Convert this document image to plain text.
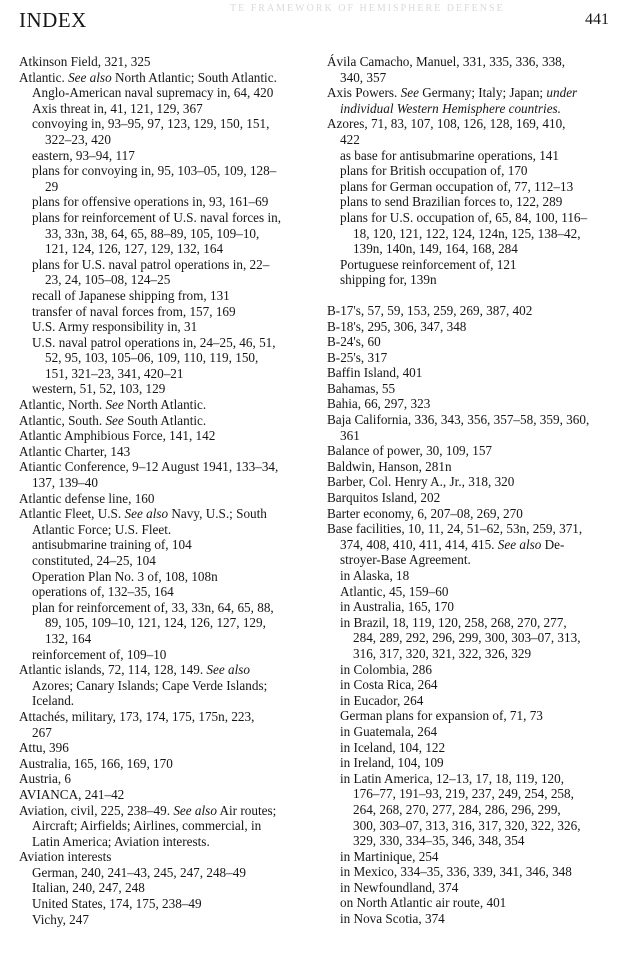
TE FRAMEWORK OF HEMISPHERE DEFENSE
INDEX	441
Atkinson Field, 321, 325
Atlantic. See also North Atlantic; South Atlantic.
Anglo-American naval supremacy in, 64, 420
Axis threat in, 41, 121, 129, 367
convoying in, 93–95, 97, 123, 129, 150, 151,
322–23, 420
eastern, 93–94, 117
plans for convoying in, 95, 103–05, 109, 128–
29
plans for offensive operations in, 93, 161–69
plans for reinforcement of U.S. naval forces in,
33, 33n, 38, 64, 65, 88–89, 105, 109–10,
121, 124, 126, 127, 129, 132, 164
plans for U.S. naval patrol operations in, 22–
23, 24, 105–08, 124–25
recall of Japanese shipping from, 131
transfer of naval forces from, 157, 169
U.S. Army responsibility in, 31
U.S. naval patrol operations in, 24–25, 46, 51,
52, 95, 103, 105–06, 109, 110, 119, 150,
151, 321–23, 341, 420–21
western, 51, 52, 103, 129
Atlantic, North. See North Atlantic.
Atlantic, South. See South Atlantic.
Atlantic Amphibious Force, 141, 142
Atlantic Charter, 143
Atiantic Conference, 9–12 August 1941, 133–34,
137, 139–40
Atlantic defense line, 160
Atlantic Fleet, U.S. See also Navy, U.S.; South
Atlantic Force; U.S. Fleet.
antisubmarine training of, 104
constituted, 24–25, 104
Operation Plan No. 3 of, 108, 108n
operations of, 132–35, 164
plan for reinforcement of, 33, 33n, 64, 65, 88,
89, 105, 109–10, 121, 124, 126, 127, 129,
132, 164
reinforcement of, 109–10
Atlantic islands, 72, 114, 128, 149. See also
Azores; Canary Islands; Cape Verde Islands;
Iceland.
Attachés, military, 173, 174, 175, 175n, 223,
267
Attu, 396
Australia, 165, 166, 169, 170
Austria, 6
AVIANCA, 241–42
Aviation, civil, 225, 238–49. See also Air routes;
Aircraft; Airfields; Airlines, commercial, in
Latin America; Aviation interests.
Aviation interests
German, 240, 241–43, 245, 247, 248–49
Italian, 240, 247, 248
United States, 174, 175, 238–49
Vichy, 247
Ávila Camacho, Manuel, 331, 335, 336, 338,
340, 357
Axis Powers. See Germany; Italy; Japan; under individual Western Hemisphere countries.
Azores, 71, 83, 107, 108, 126, 128, 169, 410,
422
as base for antisubmarine operations, 141
plans for British occupation of, 170
plans for German occupation of, 77, 112–13
plans to send Brazilian forces to, 122, 289
plans for U.S. occupation of, 65, 84, 100, 116–
18, 120, 121, 122, 124, 124n, 125, 138–42,
139n, 140n, 149, 164, 168, 284
Portuguese reinforcement of, 121
shipping for, 139n
B-17's, 57, 59, 153, 259, 269, 387, 402
B-18's, 295, 306, 347, 348
B-24's, 60
B-25's, 317
Baffin Island, 401
Bahamas, 55
Bahia, 66, 297, 323
Baja California, 336, 343, 356, 357–58, 359, 360,
361
Balance of power, 30, 109, 157
Baldwin, Hanson, 281n
Barber, Col. Henry A., Jr., 318, 320
Barquitos Island, 202
Barter economy, 6, 207–08, 269, 270
Base facilities, 10, 11, 24, 51–62, 53n, 259, 371,
374, 408, 410, 411, 414, 415. See also De-
stroyer-Base Agreement.
in Alaska, 18
Atlantic, 45, 159–60
in Australia, 165, 170
in Brazil, 18, 119, 120, 258, 268, 270, 277,
284, 289, 292, 296, 299, 300, 303–07, 313,
316, 317, 320, 321, 322, 326, 329
in Colombia, 286
in Costa Rica, 264
in Eucador, 264
German plans for expansion of, 71, 73
in Guatemala, 264
in Iceland, 104, 122
in Ireland, 104, 109
in Latin America, 12–13, 17, 18, 119, 120,
176–77, 191–93, 219, 237, 249, 254, 258,
264, 268, 270, 277, 284, 286, 296, 299,
300, 303–07, 313, 316, 317, 320, 322, 326,
329, 330, 334–35, 346, 348, 354
in Martinique, 254
in Mexico, 334–35, 336, 339, 341, 346, 348
in Newfoundland, 374
on North Atlantic air route, 401
in Nova Scotia, 374
